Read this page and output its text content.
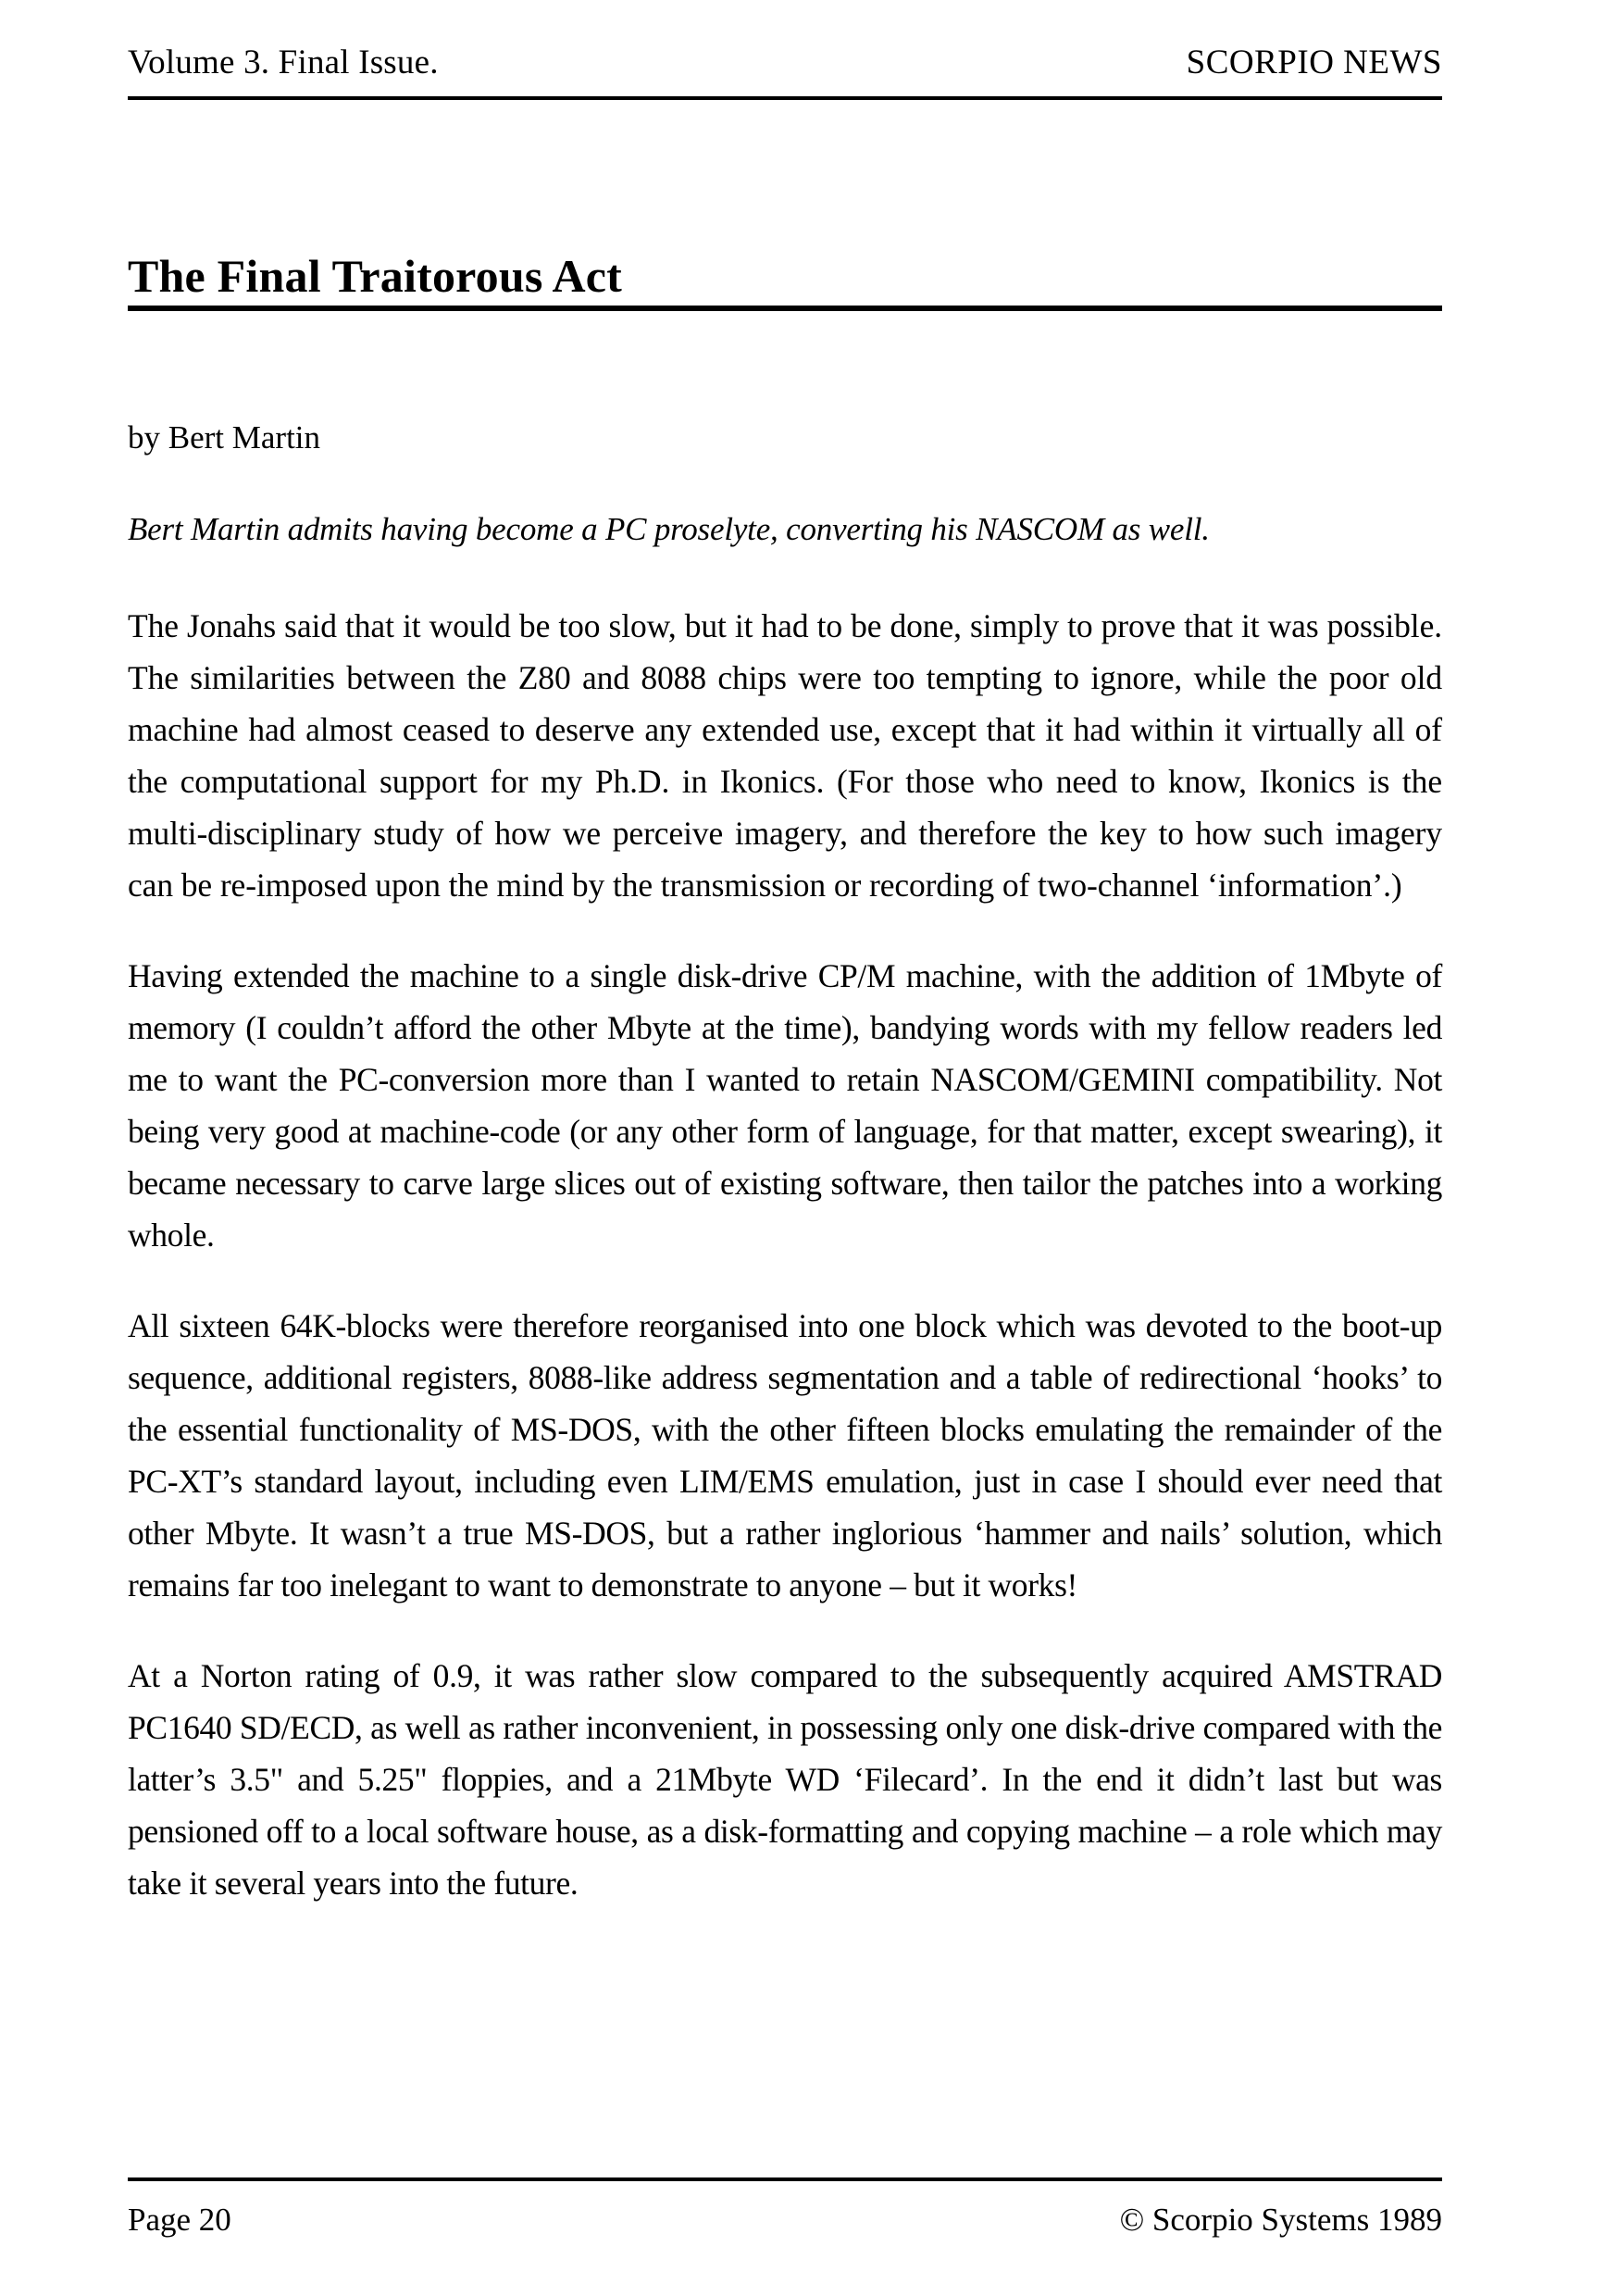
Volume 3. Final Issue.	SCORPIO NEWS
The Final Traitorous Act
by Bert Martin
Bert Martin admits having become a PC proselyte, converting his NASCOM as well.

The Jonahs said that it would be too slow, but it had to be done, simply to prove that it was possible. The similarities between the Z80 and 8088 chips were too tempting to ignore, while the poor old machine had almost ceased to deserve any extended use, except that it had within it virtually all of the computational support for my Ph.D. in Ikonics. (For those who need to know, Ikonics is the multi-disciplinary study of how we perceive imagery, and therefore the key to how such imagery can be re-imposed upon the mind by the transmission or recording of two-channel ‘information’.)

Having extended the machine to a single disk-drive CP/M machine, with the addition of 1Mbyte of memory (I couldn’t afford the other Mbyte at the time), bandying words with my fellow readers led me to want the PC-conversion more than I wanted to retain NASCOM/GEMINI compatibility. Not being very good at machine-code (or any other form of language, for that matter, except swearing), it became necessary to carve large slices out of existing software, then tailor the patches into a working whole.

All sixteen 64K-blocks were therefore reorganised into one block which was devoted to the boot-up sequence, additional registers, 8088-like address segmentation and a table of redirectional ‘hooks’ to the essential functionality of MS-DOS, with the other fifteen blocks emulating the remainder of the PC-XT’s standard layout, including even LIM/EMS emulation, just in case I should ever need that other Mbyte. It wasn’t a true MS-DOS, but a rather inglorious ‘hammer and nails’ solution, which remains far too inelegant to want to demonstrate to anyone – but it works!

At a Norton rating of 0.9, it was rather slow compared to the subsequently acquired AMSTRAD PC1640 SD/ECD, as well as rather inconvenient, in possessing only one disk-drive compared with the latter’s 3.5" and 5.25" floppies, and a 21Mbyte WD ‘Filecard’. In the end it didn’t last but was pensioned off to a local software house, as a disk-formatting and copying machine – a role which may take it several years into the future.

Page 20	© Scorpio Systems 1989
